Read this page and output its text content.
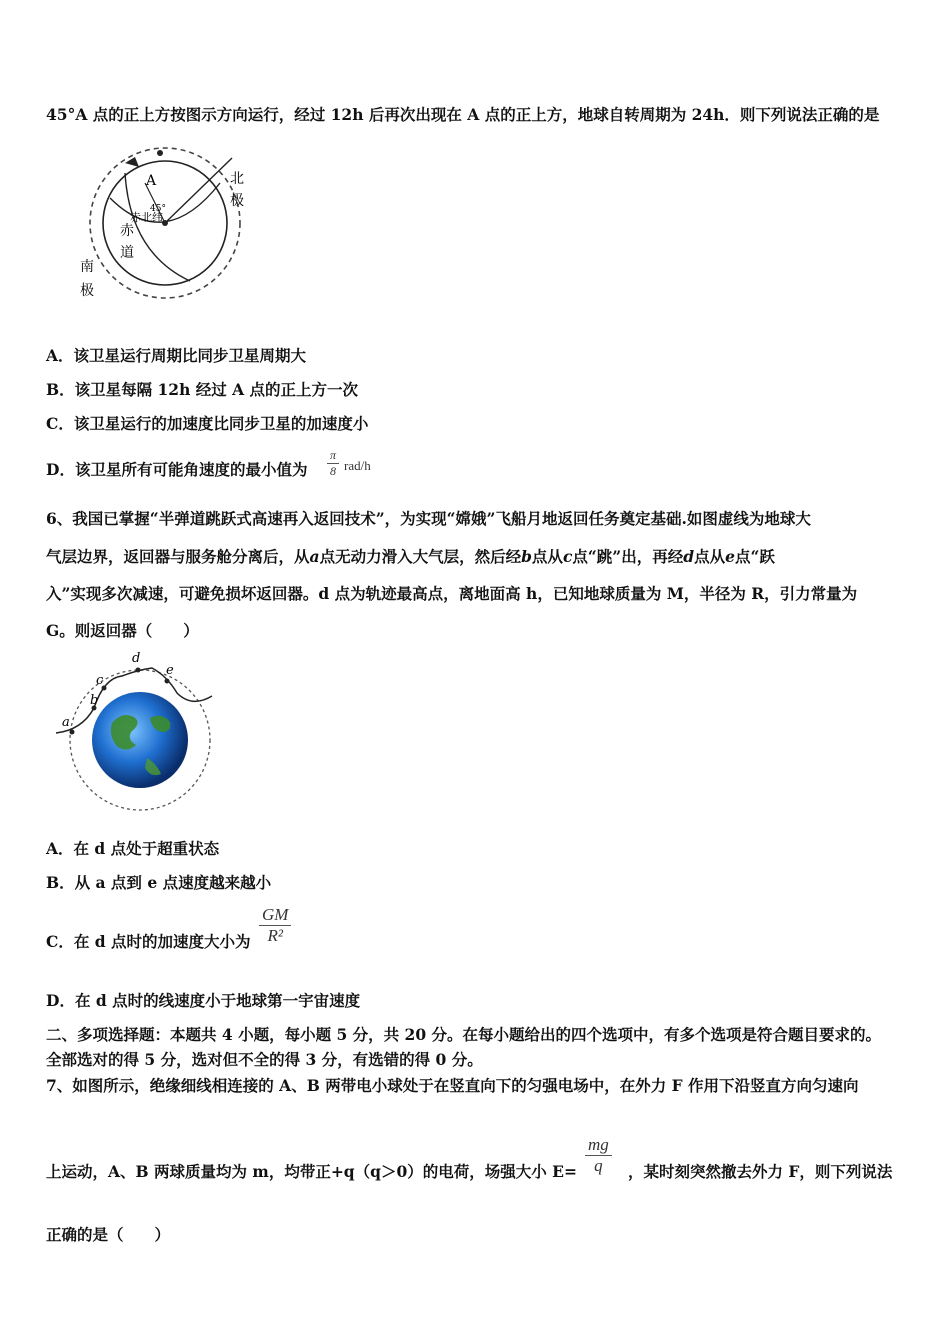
45°A 点的正上方按图示方向运行，经过 12h 后再次出现在 A 点的正上方，地球自转周期为 24h．则下列说法正确的是
A
45°
赤北纬
北
极
赤
道
南
极
A．该卫星运行周期比同步卫星周期大
B．该卫星每隔 12h 经过 A 点的正上方一次
C．该卫星运行的加速度比同步卫星的加速度小
D．该卫星所有可能角速度的最小值为 $\frac{\pi}{8} rad/h$
6、我国已掌握“半弹道跳跃式高速再入返回技术”，为实现“嫦娥”飞船月地返回任务奠定基础.如图虚线为地球大
气层边界，返回器与服务舱分离后，从a点无动力滑入大气层，然后经b点从c点“跳”出，再经d点从e点“跃
入”实现多次减速，可避免损坏返回器。d 点为轨迹最高点，离地面高 h，已知地球质量为 M，半径为 R，引力常量为
G。则返回器（　　）
a
b
c
d
e
A．在 d 点处于超重状态
B．从 a 点到 e 点速度越来越小
C．在 d 点时的加速度大小为 $\frac{GM}{\text{R²}}$
D．在 d 点时的线速度小于地球第一宇宙速度
二、多项选择题：本题共 4 小题，每小题 5 分，共 20 分。在每小题给出的四个选项中，有多个选项是符合题目要求的。
全部选对的得 5 分，选对但不全的得 3 分，有选错的得 0 分。
7、如图所示，绝缘细线相连接的 A、B 两带电小球处于在竖直向下的匀强电场中，在外力 F 作用下沿竖直方向匀速向
上运动，A、B 两球质量均为 m，均带正+q（q＞0）的电荷，场强大小 $E= \frac{mg}{q}$ ，某时刻突然撤去外力 F，则下列说法
正确的是（　　）
